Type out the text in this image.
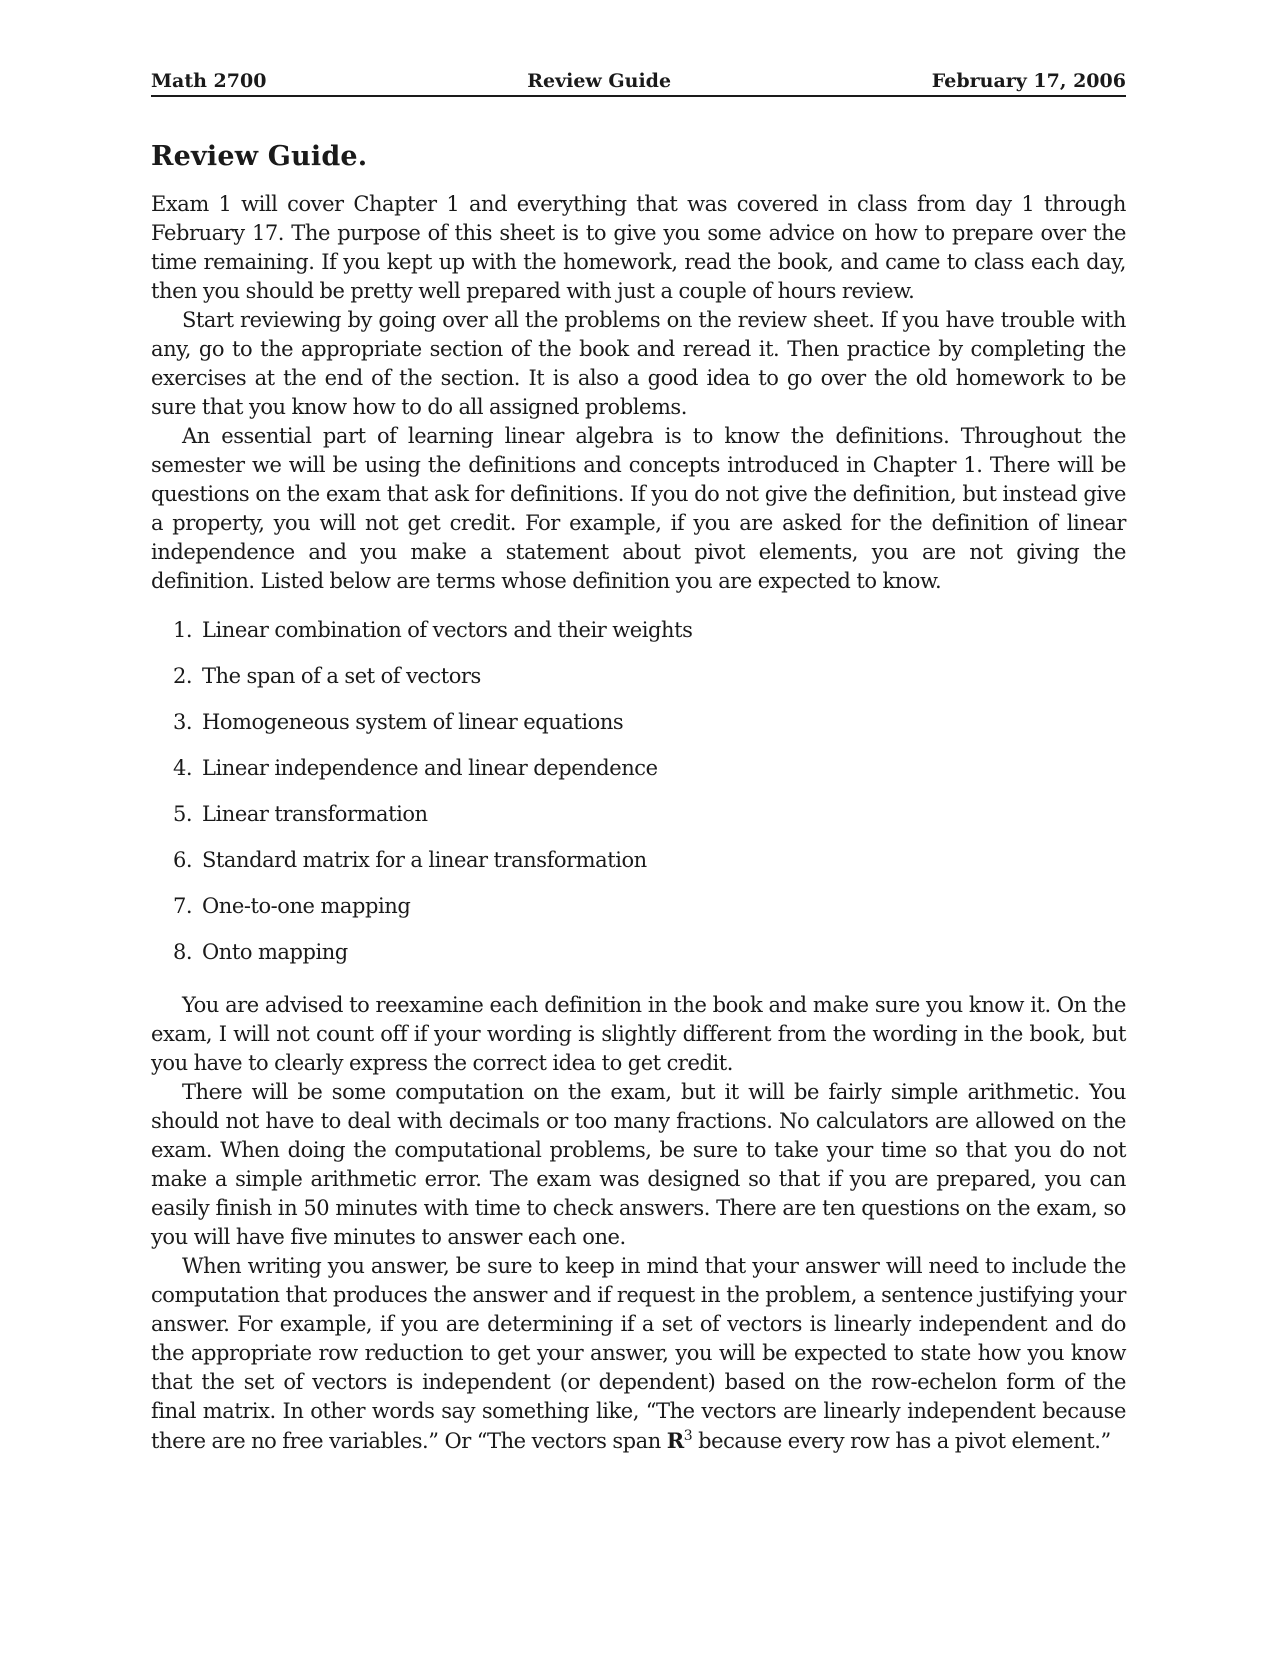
Math 2700	Review Guide	February 17, 2006
Review Guide.

Exam 1 will cover Chapter 1 and everything that was covered in class from day 1 through February 17. The purpose of this sheet is to give you some advice on how to prepare over the time remaining. If you kept up with the homework, read the book, and came to class each day, then you should be pretty well prepared with just a couple of hours review.

Start reviewing by going over all the problems on the review sheet. If you have trouble with any, go to the appropriate section of the book and reread it. Then practice by completing the exercises at the end of the section. It is also a good idea to go over the old homework to be sure that you know how to do all assigned problems.

An essential part of learning linear algebra is to know the definitions. Throughout the semester we will be using the definitions and concepts introduced in Chapter 1. There will be questions on the exam that ask for definitions. If you do not give the definition, but instead give a property, you will not get credit. For example, if you are asked for the definition of linear independence and you make a statement about pivot elements, you are not giving the definition. Listed below are terms whose definition you are expected to know.

1. Linear combination of vectors and their weights
2. The span of a set of vectors
3. Homogeneous system of linear equations
4. Linear independence and linear dependence
5. Linear transformation
6. Standard matrix for a linear transformation
7. One-to-one mapping
8. Onto mapping

You are advised to reexamine each definition in the book and make sure you know it. On the exam, I will not count off if your wording is slightly different from the wording in the book, but you have to clearly express the correct idea to get credit.

There will be some computation on the exam, but it will be fairly simple arithmetic. You should not have to deal with decimals or too many fractions. No calculators are allowed on the exam. When doing the computational problems, be sure to take your time so that you do not make a simple arithmetic error. The exam was designed so that if you are prepared, you can easily finish in 50 minutes with time to check answers. There are ten questions on the exam, so you will have five minutes to answer each one.

When writing you answer, be sure to keep in mind that your answer will need to include the computation that produces the answer and if request in the problem, a sentence justifying your answer. For example, if you are determining if a set of vectors is linearly independent and do the appropriate row reduction to get your answer, you will be expected to state how you know that the set of vectors is independent (or dependent) based on the row-echelon form of the final matrix. In other words say something like, “The vectors are linearly independent because there are no free variables.” Or “The vectors span $R^3$ because every row has a pivot element.”
